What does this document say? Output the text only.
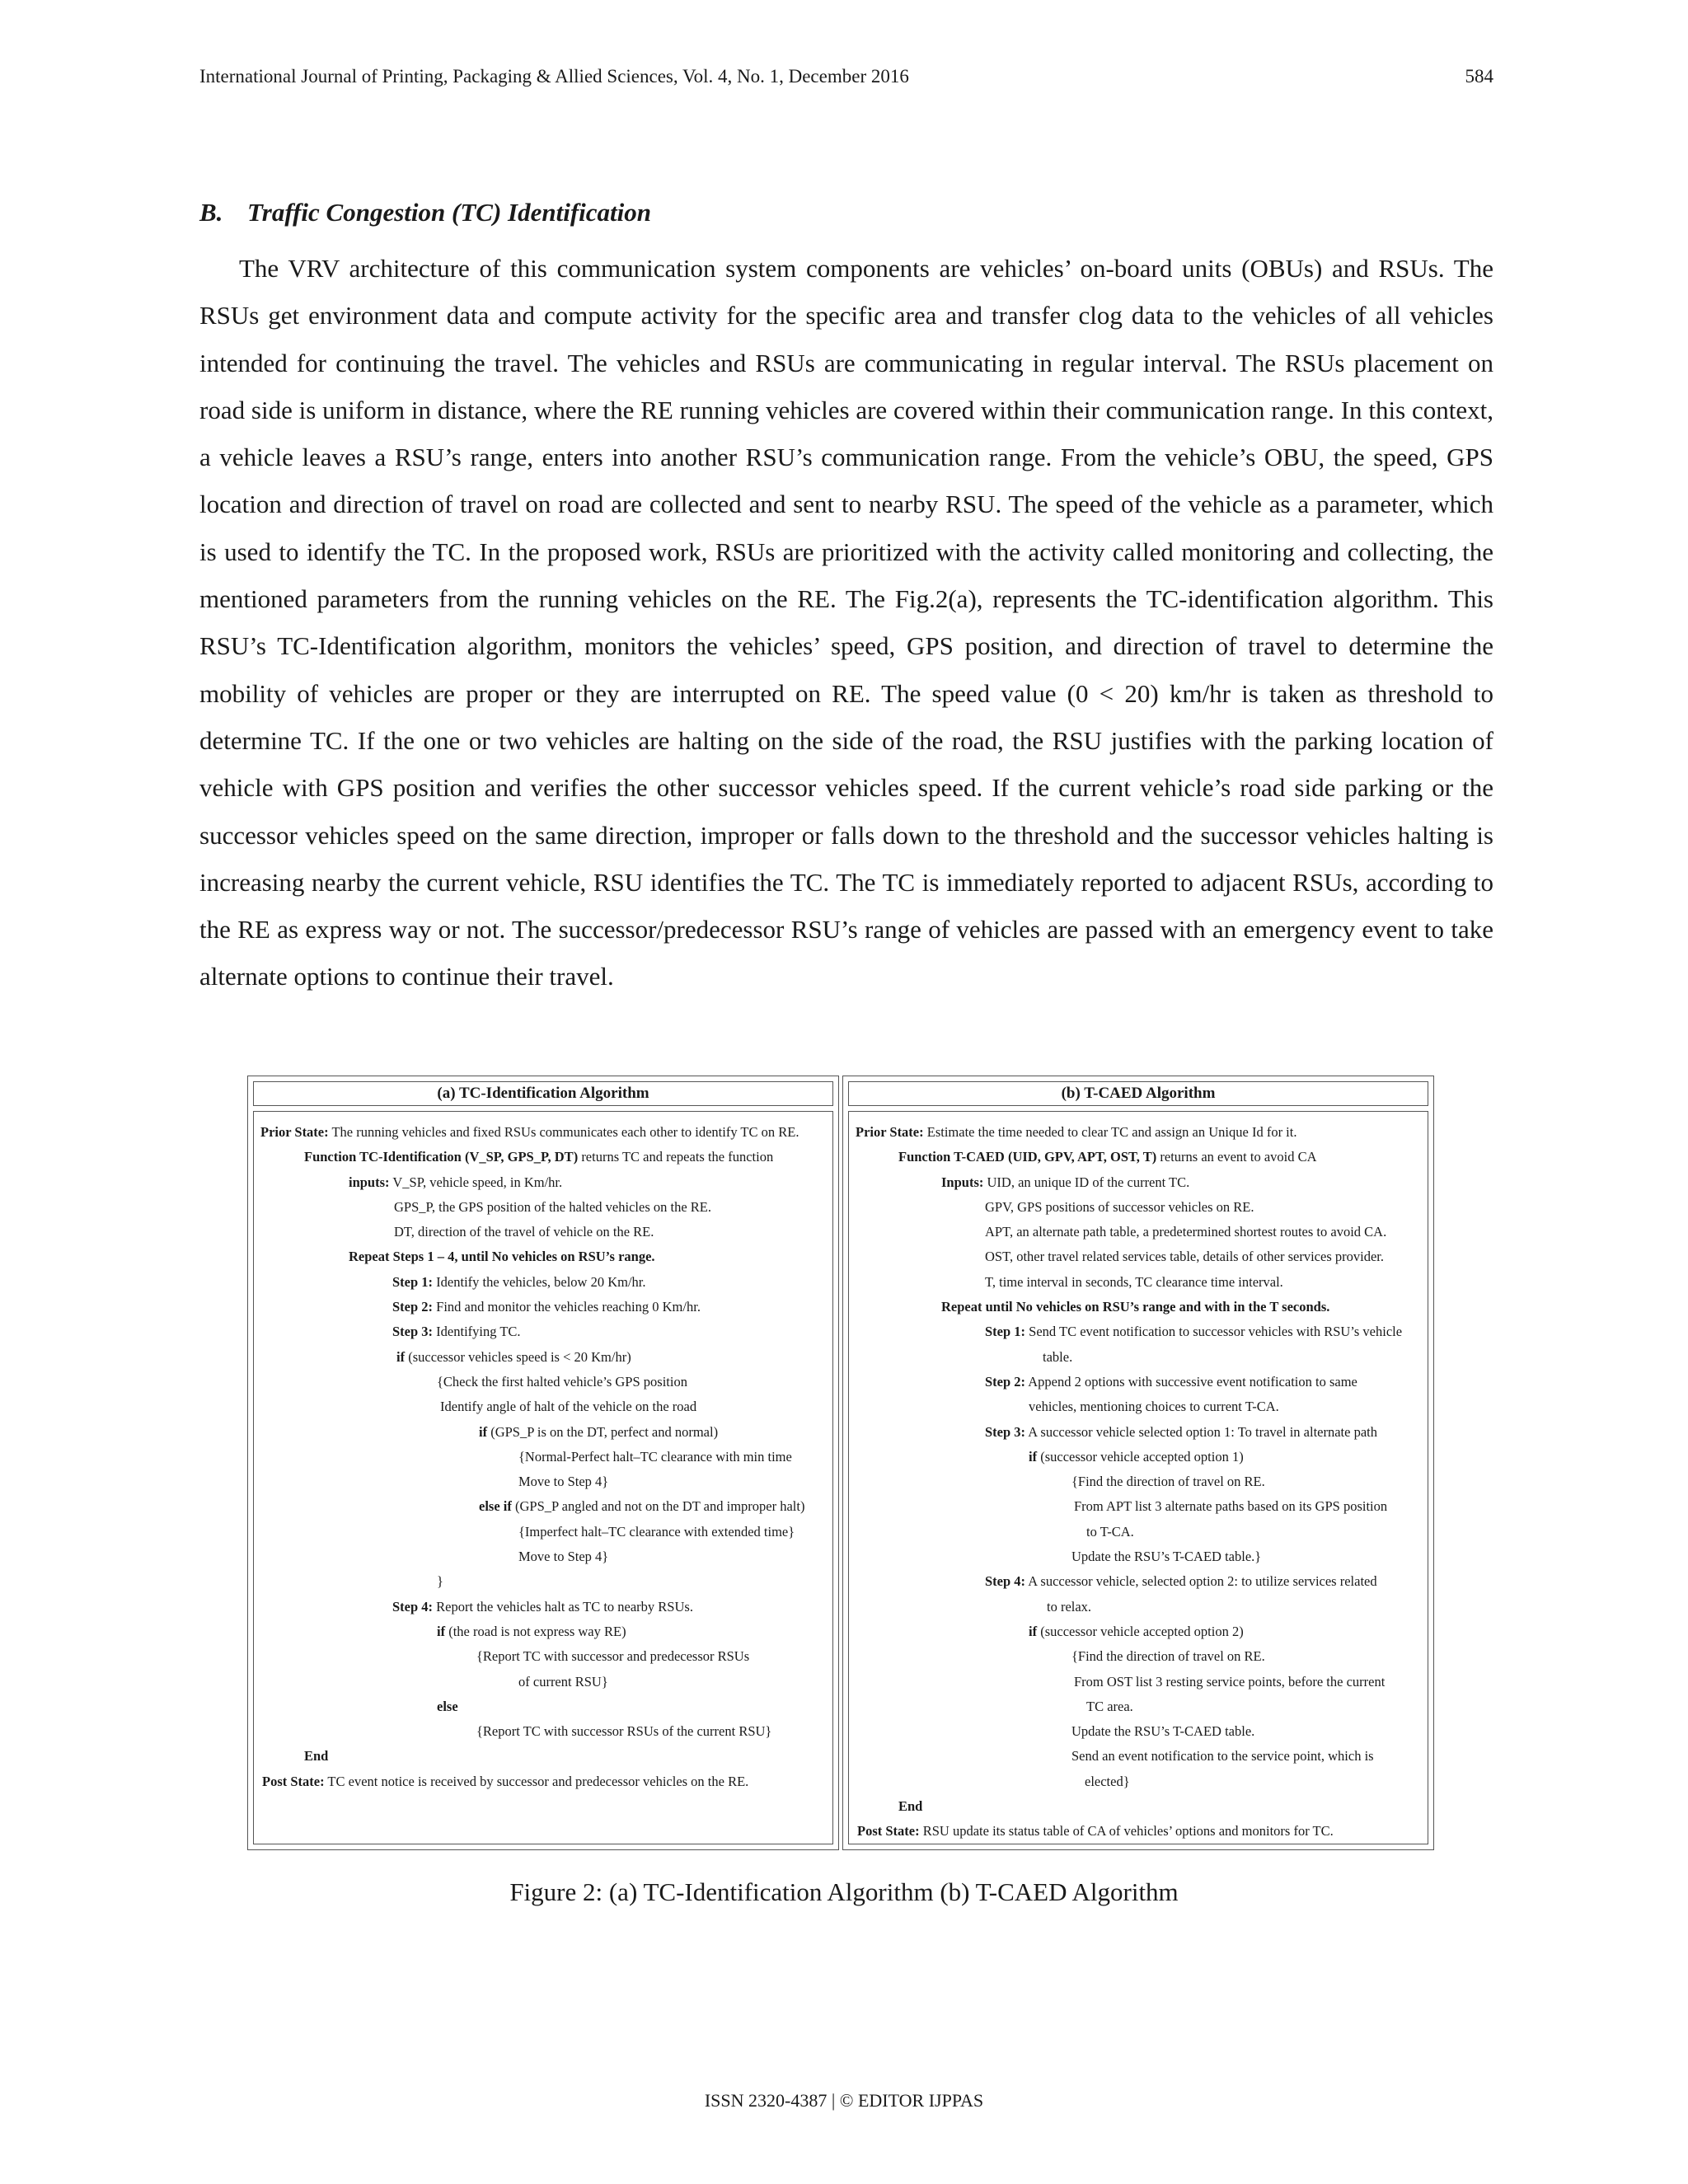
International Journal of Printing, Packaging & Allied Sciences, Vol. 4, No. 1, December 2016	584
B. Traffic Congestion (TC) Identification

The VRV architecture of this communication system components are vehicles’ on-board units (OBUs) and RSUs. The RSUs get environment data and compute activity for the specific area and transfer clog data to the vehicles of all vehicles intended for continuing the travel. The vehicles and RSUs are communicating in regular interval. The RSUs placement on road side is uniform in distance, where the RE running vehicles are covered within their communication range. In this context, a vehicle leaves a RSU’s range, enters into another RSU’s communication range. From the vehicle’s OBU, the speed, GPS location and direction of travel on road are collected and sent to nearby RSU. The speed of the vehicle as a parameter, which is used to identify the TC. In the proposed work, RSUs are prioritized with the activity called monitoring and collecting, the mentioned parameters from the running vehicles on the RE. The Fig.2(a), represents the TC-identification algorithm. This RSU’s TC-Identification algorithm, monitors the vehicles’ speed, GPS position, and direction of travel to determine the mobility of vehicles are proper or they are interrupted on RE. The speed value (0 < 20) km/hr is taken as threshold to determine TC. If the one or two vehicles are halting on the side of the road, the RSU justifies with the parking location of vehicle with GPS position and verifies the other successor vehicles speed. If the current vehicle’s road side parking or the successor vehicles speed on the same direction, improper or falls down to the threshold and the successor vehicles halting is increasing nearby the current vehicle, RSU identifies the TC. The TC is immediately reported to adjacent RSUs, according to the RE as express way or not. The successor/predecessor RSU’s range of vehicles are passed with an emergency event to take alternate options to continue their travel.

(a) TC-Identification Algorithm
Prior State: The running vehicles and fixed RSUs communicates each other to identify TC on RE.
Function TC-Identification (V_SP, GPS_P, DT) returns TC and repeats the function
inputs: V_SP, vehicle speed, in Km/hr.
GPS_P, the GPS position of the halted vehicles on the RE.
DT, direction of the travel of vehicle on the RE.
Repeat Steps 1 – 4, until No vehicles on RSU’s range.
Step 1: Identify the vehicles, below 20 Km/hr.
Step 2: Find and monitor the vehicles reaching 0 Km/hr.
Step 3: Identifying TC.
if (successor vehicles speed is < 20 Km/hr)
{Check the first halted vehicle’s GPS position
Identify angle of halt of the vehicle on the road
if (GPS_P is on the DT, perfect and normal)
{Normal-Perfect halt–TC clearance with min time
Move to Step 4}
else if (GPS_P angled and not on the DT and improper halt)
{Imperfect halt–TC clearance with extended time}
Move to Step 4}
}
Step 4: Report the vehicles halt as TC to nearby RSUs.
if (the road is not express way RE)
{Report TC with successor and predecessor RSUs
of current RSU}
else
{Report TC with successor RSUs of the current RSU}
End
Post State: TC event notice is received by successor and predecessor vehicles on the RE.
(b) T-CAED Algorithm
Prior State: Estimate the time needed to clear TC and assign an Unique Id for it.
Function T-CAED (UID, GPV, APT, OST, T) returns an event to avoid CA
Inputs: UID, an unique ID of the current TC.
GPV, GPS positions of successor vehicles on RE.
APT, an alternate path table, a predetermined shortest routes to avoid CA.
OST, other travel related services table, details of other services provider.
T, time interval in seconds, TC clearance time interval.
Repeat until No vehicles on RSU’s range and with in the T seconds.
Step 1: Send TC event notification to successor vehicles with RSU’s vehicle
table.
Step 2: Append 2 options with successive event notification to same
vehicles, mentioning choices to current T-CA.
Step 3: A successor vehicle selected option 1: To travel in alternate path
if (successor vehicle accepted option 1)
{Find the direction of travel on RE.
From APT list 3 alternate paths based on its GPS position
to T-CA.
Update the RSU’s T-CAED table.}
Step 4: A successor vehicle, selected option 2: to utilize services related
to relax.
if (successor vehicle accepted option 2)
{Find the direction of travel on RE.
From OST list 3 resting service points, before the current
TC area.
Update the RSU’s T-CAED table.
Send an event notification to the service point, which is
elected}
End
Post State: RSU update its status table of CA of vehicles’ options and monitors for TC.
Figure 2: (a) TC-Identification Algorithm (b) T-CAED Algorithm
ISSN 2320-4387 | © EDITOR IJPPAS
